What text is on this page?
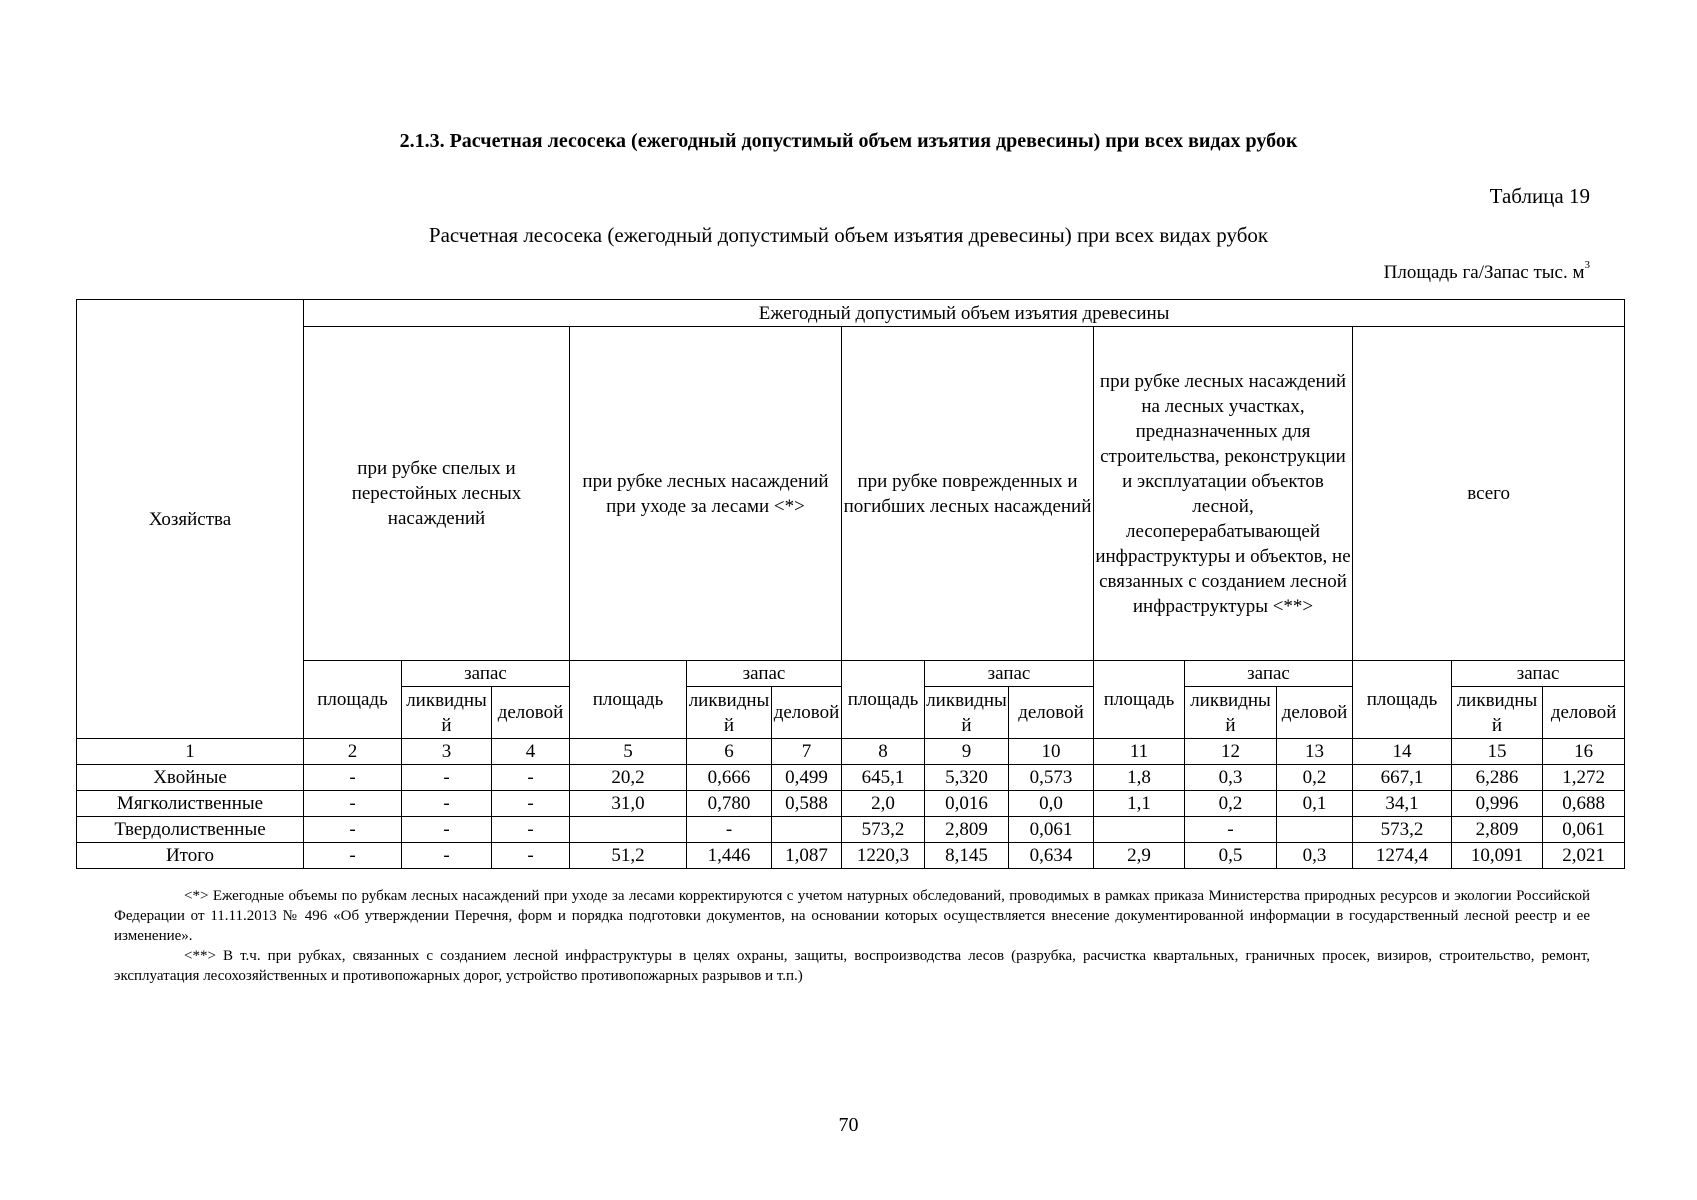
2.1.3. Расчетная лесосека (ежегодный допустимый объем изъятия древесины) при всех видах рубок
Таблица 19
Расчетная лесосека (ежегодный допустимый объем изъятия древесины) при всех видах рубок
Площадь га/Запас тыс. $м^3$
Хозяйства	Ежегодный допустимый объем изъятия древесины														
	при рубке спелых и перестойных лесных насаждений			при рубке лесных насаждений при уходе за лесами <*>			при рубке поврежденных и погибших лесных насаждений			при рубке лесных насаждений на лесных участках, предназначенных для строительства, реконструкции и эксплуатации объектов лесной, лесоперерабатывающей инфраструктуры и объектов, не связанных с созданием лесной инфраструктуры <**>			всего		
	площадь	запас		площадь	запас		площадь	запас		площадь	запас		площадь	запас	
		ликвидный	деловой		ликвидный	деловой		ликвидный	деловой		ликвидный	деловой		ликвидный	деловой
1	2	3	4	5	6	7	8	9	10	11	12	13	14	15	16
Хвойные	-	-	-	20,2	0,666	0,499	645,1	5,320	0,573	1,8	0,3	0,2	667,1	6,286	1,272
Мягколиственные	-	-	-	31,0	0,780	0,588	2,0	0,016	0,0	1,1	0,2	0,1	34,1	0,996	0,688
Твердолиственные	-	-	-		-		573,2	2,809	0,061		-		573,2	2,809	0,061
Итого	-	-	-	51,2	1,446	1,087	1220,3	8,145	0,634	2,9	0,5	0,3	1274,4	10,091	2,021

<*> Ежегодные объемы по рубкам лесных насаждений при уходе за лесами корректируются с учетом натурных обследований, проводимых в рамках приказа Министерства природных ресурсов и экологии Российской Федерации от 11.11.2013 № 496 «Об утверждении Перечня, форм и порядка подготовки документов, на основании которых осуществляется внесение документированной информации в государственный лесной реестр и ее изменение».

<**> В т.ч. при рубках, связанных с созданием лесной инфраструктуры в целях охраны, защиты, воспроизводства лесов (разрубка, расчистка квартальных, граничных просек, визиров, строительство, ремонт, эксплуатация лесохозяйственных и противопожарных дорог, устройство противопожарных разрывов и т.п.)

70
